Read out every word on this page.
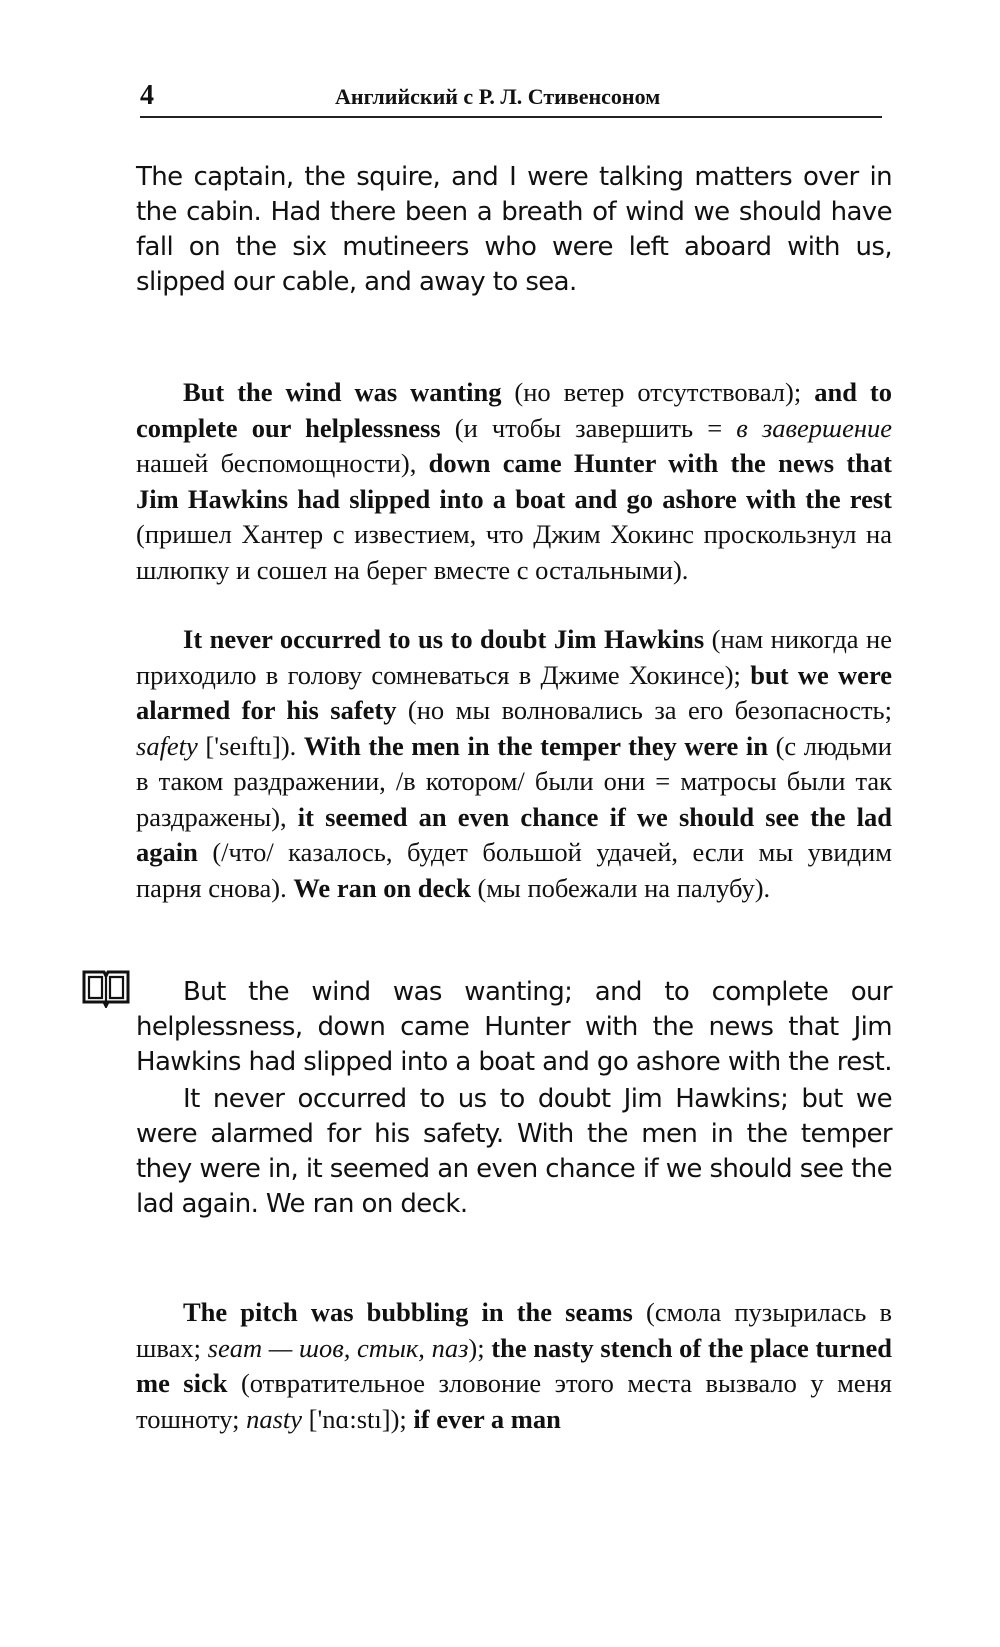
4	Английский с Р. Л. Стивенсоном

The captain, the squire, and I were talking matters over in the cabin. Had there been a breath of wind we should have fall on the six mutineers who were left aboard with us, slipped our cable, and away to sea.

But the wind was wanting (но ветер отсутствовал); and to complete our helplessness (и чтобы завершить = в завершение нашей беспомощности), down came Hunter with the news that Jim Hawkins had slipped into a boat and go ashore with the rest (пришел Хантер с известием, что Джим Хокинс проскользнул на шлюпку и сошел на берег вместе с остальными).

It never occurred to us to doubt Jim Hawkins (нам никогда не приходило в голову сомневаться в Джиме Хокинсе); but we were alarmed for his safety (но мы волновались за его безопасность; safety ['seıftı]). With the men in the temper they were in (с людьми в таком раздражении, /в котором/ были они = матросы были так раздражены), it seemed an even chance if we should see the lad again (/что/ казалось, будет большой удачей, если мы увидим парня снова). We ran on deck (мы побежали на палубу).

But the wind was wanting; and to complete our helplessness, down came Hunter with the news that Jim Hawkins had slipped into a boat and go ashore with the rest.

It never occurred to us to doubt Jim Hawkins; but we were alarmed for his safety. With the men in the temper they were in, it seemed an even chance if we should see the lad again. We ran on deck.

The pitch was bubbling in the seams (смола пузырилась в швах; seam — шов, стык, паз); the nasty stench of the place turned me sick (отвратительное зловоние этого места вызвало у меня тошноту; nasty ['nɑ:stı]); if ever a man
